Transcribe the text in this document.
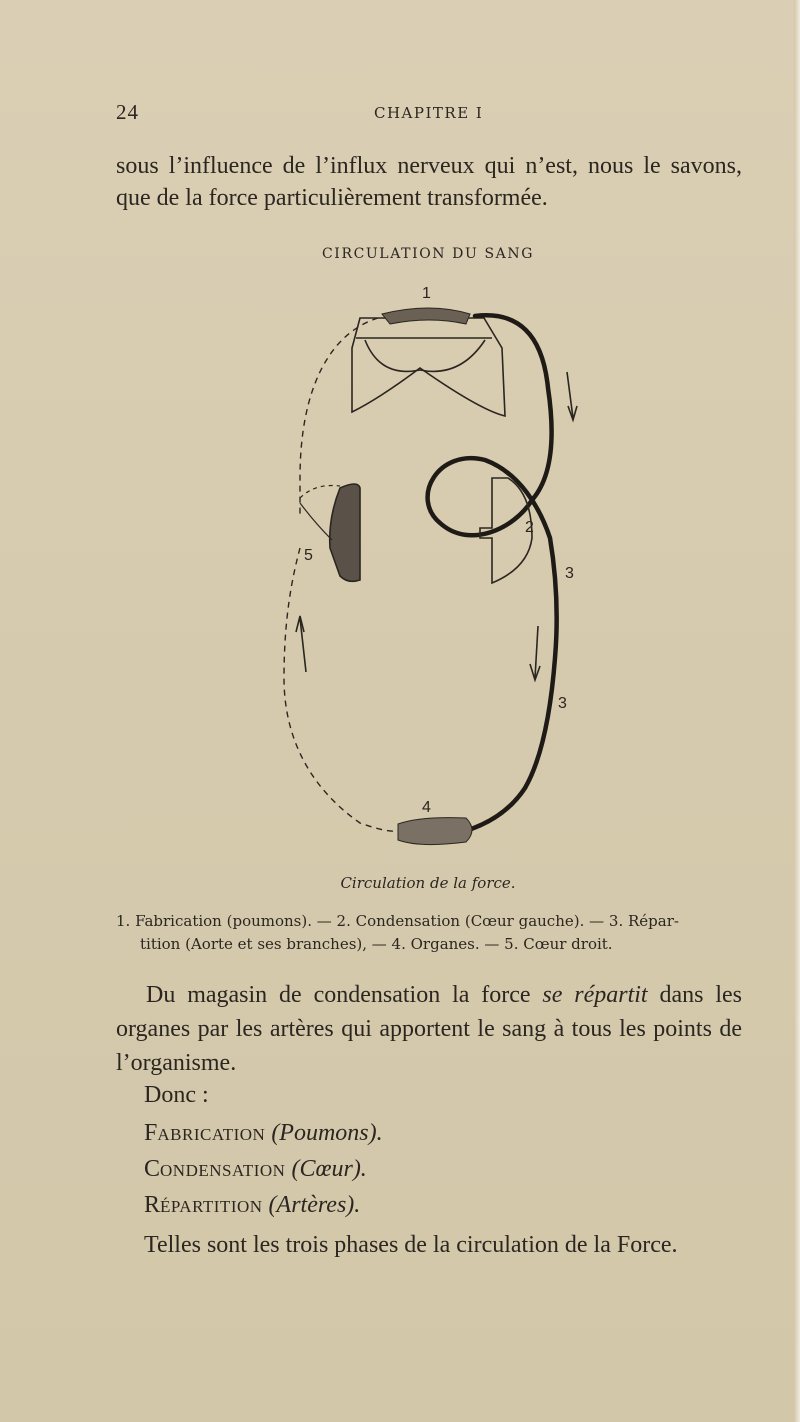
24	CHAPITRE I
sous l’influence de l’influx nerveux qui n’est, nous le savons, que de la force particulièrement transformée.
CIRCULATION DU SANG
1
2
3
3
4
5
Circulation de la force.
1. Fabrication (poumons). — 2. Condensation (Cœur gauche). — 3. Répar-
tition (Aorte et ses branches), — 4. Organes. — 5. Cœur droit.
Du magasin de condensation la force se répartit dans les organes par les artères qui apportent le sang à tous les points de l’organisme.
Donc :
FABRICATION (Poumons).
CONDENSATION (Cœur).
RÉPARTITION (Artères).
Telles sont les trois phases de la circulation de la Force.
